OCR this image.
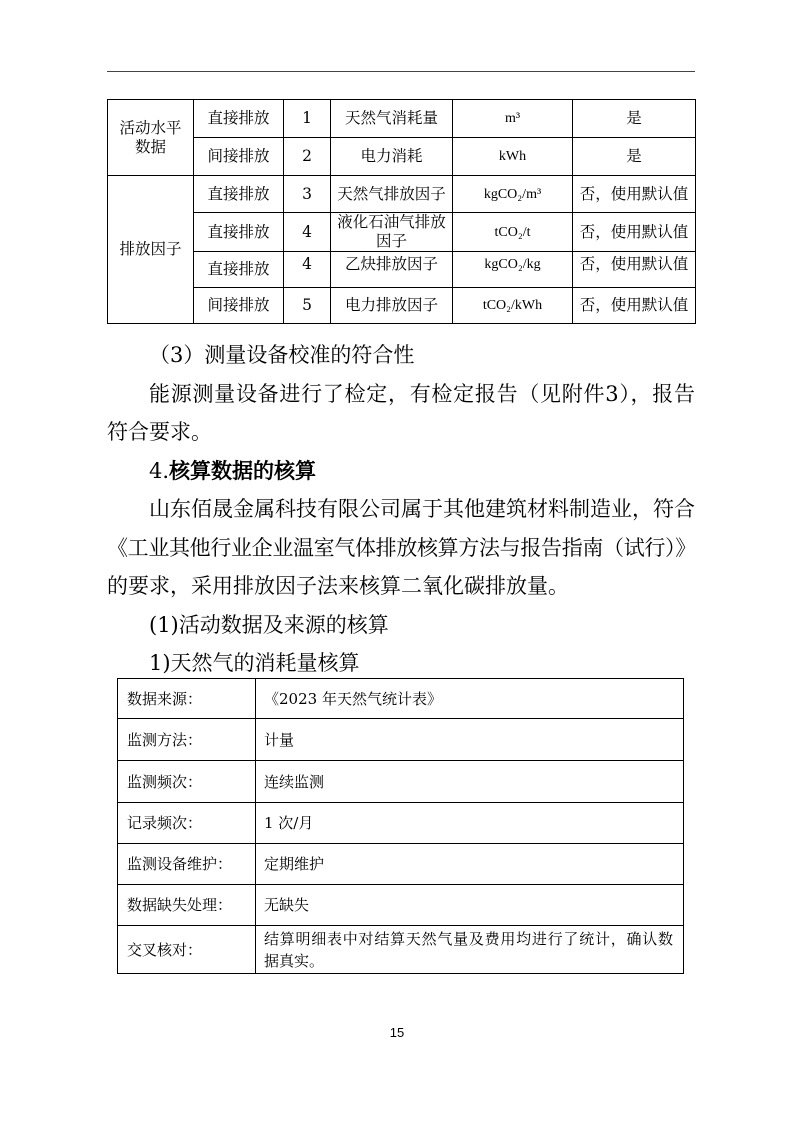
活动水平
数据	直接排放	1	天然气消耗量	m³	是
	间接排放	2	电力消耗	kWh	是

排放因子	直接排放	3	天然气排放因子	kgCO₂/m³	否，使用默认值
	直接排放	4	液化石油气排放因子	tCO₂/t	否，使用默认值
	直接排放	4	乙炔排放因子	kgCO₂/kg	否，使用默认值
	间接排放	5	电力排放因子	tCO₂/kWh	否，使用默认值
（3）测量设备校准的符合性
能源测量设备进行了检定，有检定报告（见附件3），报告
符合要求。
4.核算数据的核算
山东佰晟金属科技有限公司属于其他建筑材料制造业，符合
《工业其他行业企业温室气体排放核算方法与报告指南（试行）》
的要求，采用排放因子法来核算二氧化碳排放量。
(1)活动数据及来源的核算
1)天然气的消耗量核算
数据来源：	《2023 年天然气统计表》

监测方法：	计量

监测频次：	连续监测

记录频次：	1 次/月

监测设备维护：	定期维护

数据缺失处理：	无缺失

交叉核对：	结算明细表中对结算天然气量及费用均进行了统计，确认数
据真实。
15
